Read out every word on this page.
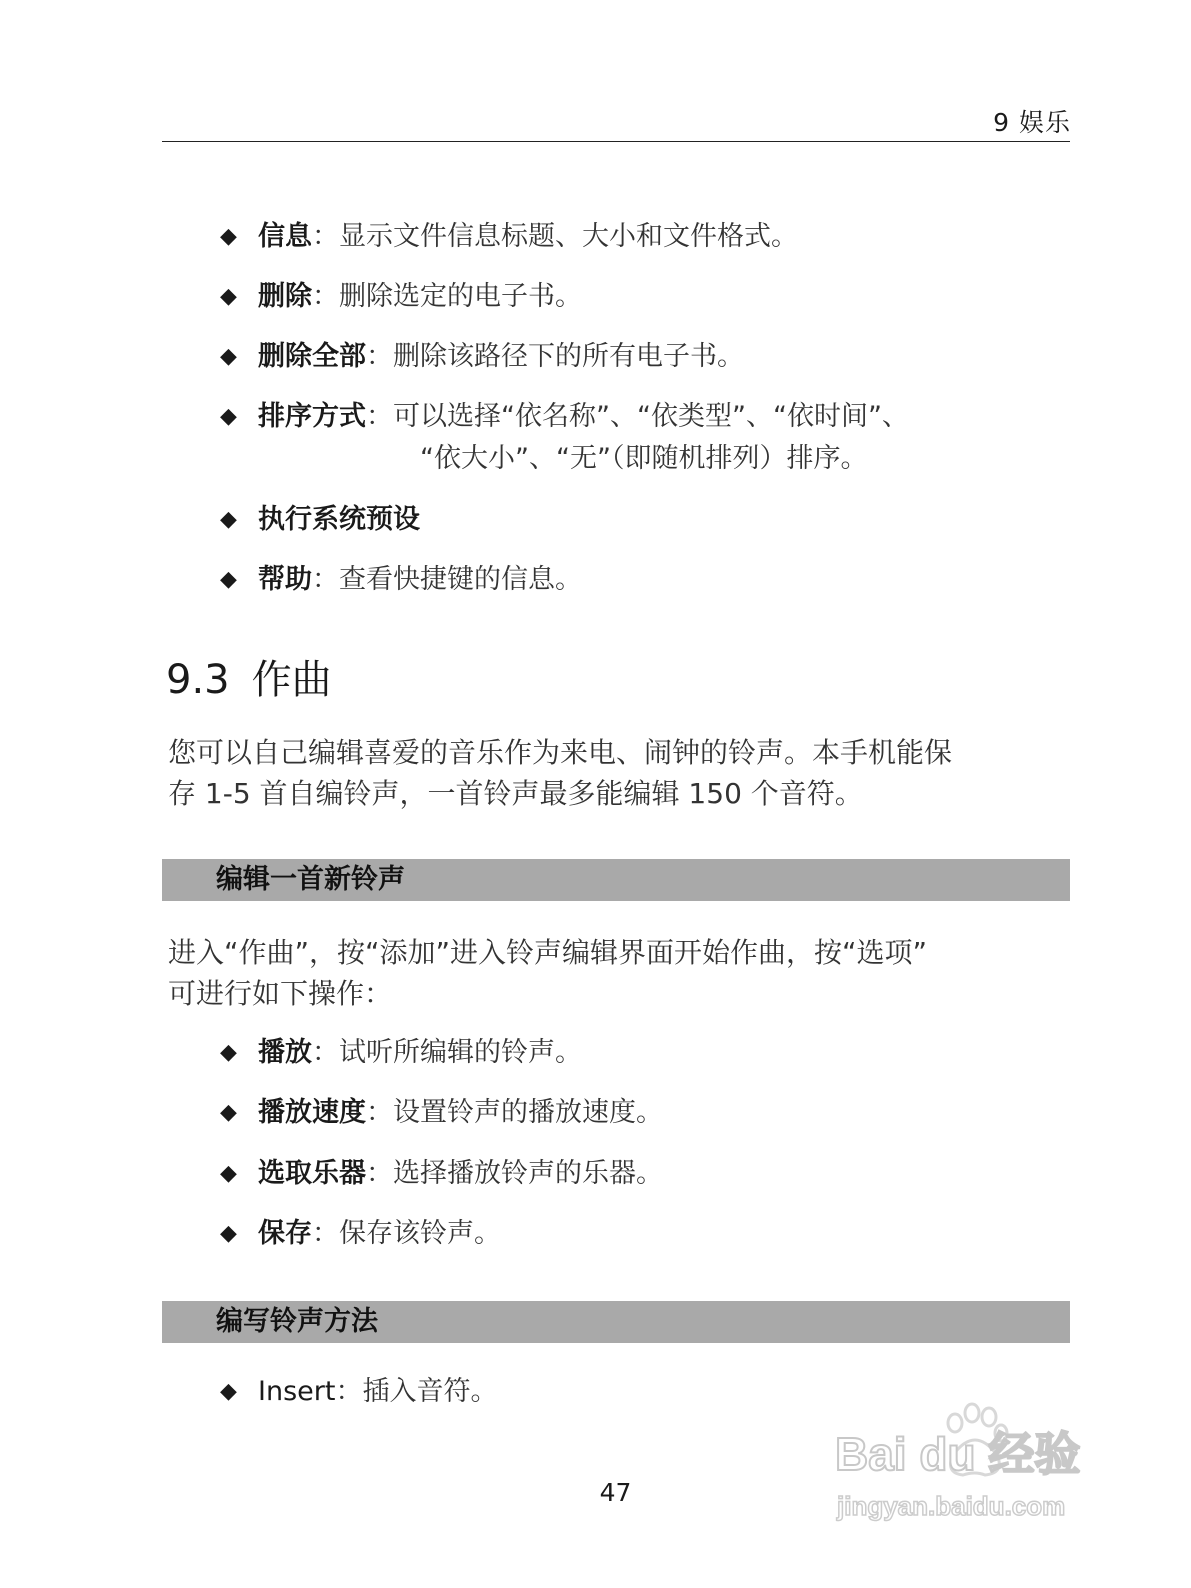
9 娱乐
◆ 信息：显示文件信息标题、大小和文件格式。
◆ 删除：删除选定的电子书。
◆ 删除全部：删除该路径下的所有电子书。
◆ 排序方式：可以选择“依名称”、“依类型”、“依时间”、
“依大小”、“无”（即随机排列）排序。
◆ 执行系统预设
◆ 帮助：查看快捷键的信息。
9.3 作曲
您可以自己编辑喜爱的音乐作为来电、闹钟的铃声。本手机能保
存 1-5 首自编铃声，一首铃声最多能编辑 150 个音符。
编辑一首新铃声
进入“作曲”，按“添加”进入铃声编辑界面开始作曲，按“选项”
可进行如下操作：
◆ 播放：试听所编辑的铃声。
◆ 播放速度：设置铃声的播放速度。
◆ 选取乐器：选择播放铃声的乐器。
◆ 保存：保存该铃声。
编写铃声方法
◆ Insert：插入音符。
47
Bai du 经验
jingyan.baidu.com
